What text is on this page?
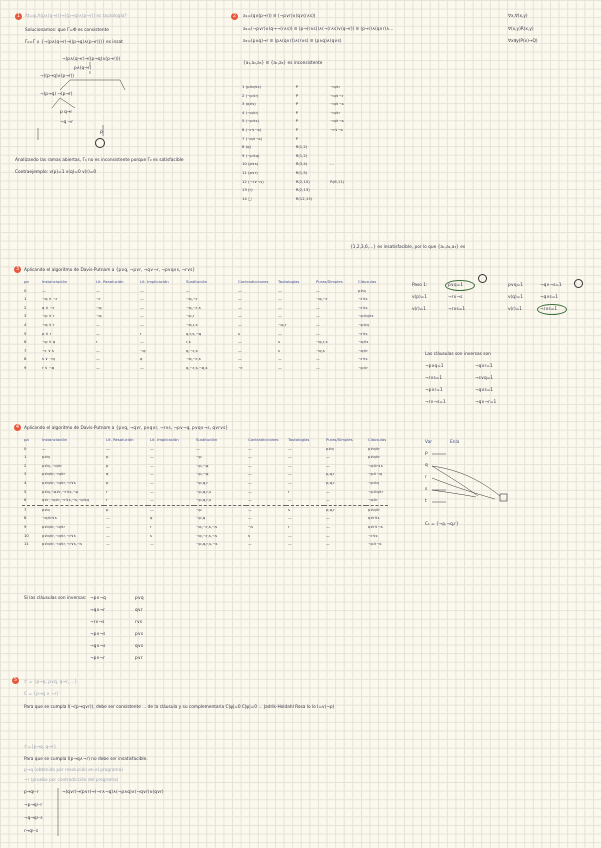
1	2
3
4
5
Λt=φ,Λ(p∧(q→r))→((p→q)∧(p→r)) es tautología?
Solucionamos: que Γ=Φ es consistente
Γ₀=Γ ∪ {¬(p∧(q→r)→((p→q)∧(p→r)))} es insat
¬(p∧(q→r)→((p→q)∧(p→r)))
p∧(q→r)
¬((p→q)∧(p→r))
¬(p→q) ¬(p→r)
p q→r
¬q ¬r
p
Analizando las ramas abiertas, Γ₀ no es inconsistente porque Γ₀ es satisfacible
Contraejemplo: v(p)=1 v(q)=0 v(r)=0
a₁=(q∧(p→r)) ≡ (¬p∨r)∧(q∨(r∧s))	∀x,∀(x,y)
a₂=(¬p∨r)∧(q→¬(r∧s)) ≡ (p→(r∧s))∧(¬(r∧s)∨(q→r)) ≡ (p→r)∧(q∨r)∧...	∀(x,y)R(x,y)
a₃=(p∧q)→r ≡ (p∧(q∨r))∧(r∧s) ≡ (p∧q)∧(q∨s)	∀x∃y(P(x)→Q)
{a₁,a₂,a₃} ≡ {a₁,a₃} es inconsistente
1 (p∨q∨s)	P	¬q∨r
2 (¬p∨r)	P	¬q∨¬r
3 (q∨s)	P	¬q∨¬s
4 (¬q∨r)	P	¬q∨r
5 (¬p∨s)	P	¬q∨¬s
6 (¬r∨¬s)	P	¬r∨¬s
7 (¬q∨¬s)	P	
8 (q)	R(1,2)	
9 (¬p∨q)	R(1,2)	
10 (p∨s)	R(3,4)	...
11 (p∨r)	R(1,5)	
12 (¬r∨¬s)	R(2,10)	R(6,11)
13 (r)	R(2,13)	
14 □	R(12,13)	
{1,2,3,6,...} es insatisfacible, por lo que {a₁,a₂,a₃} es
Aplicando el algoritmo de Davis-Putnam a {p∨q, ¬p∨r, ¬q∨¬r, ¬p∨q∨s, ¬r∨s}
pa	Instanciación	Lit. Resolución	Lit. Implicación	Sustitución	Contradicciones	Tautologías	Puras/Simples	Cláusulas
0	—	—	—	—	—	—	—	p∨q
1	¬q ∨ ¬r	¬r	—	¬q,¬r	—	—	¬q,¬r	¬r∨s
2	q ∨ ¬r	¬q	—	¬q,¬r,s	—	—	—	¬r∨s
3	¬p ∨ r	¬q	—	¬p,r	—	—	—	¬p∨q∨s
4	¬q ∨ r	—	—	¬q,r,s	—	¬q,r	—	¬p∨q
5	p ∨ r	—	r	q,r,s,¬q	s	—	—	¬r∨s
6	¬p ∨ q	r	—	r,s	—	s	¬q,r,s	¬q∨s
7	¬r ∨ s	—	¬q	q,¬r,s	—	s	¬q,s	¬q∨r
8	s ∨ ¬q	—	q	¬q,¬r,s	—	—	—	¬r∨s
9	r ∨ ¬q	—	—	q,¬r,s,¬q,s	¬r	—	—	¬p∨r
Paso 1:	p∨q=1	p∨q=1	¬q∨¬s=1
v(p)=1	¬r∨¬s	v(q)=1	¬q∨s=1
v(r)=1	¬r∨s=1	v(r)=1	¬r∨s=1
Las cláusulas son inversas son
¬p∨q=1	¬q∨r=1
¬r∨s=1	¬s∨q=1
¬p∨r=1	¬q∨s=1
¬r∨¬s=1	¬q∨¬r=1
Aplicando el algoritmo de Davis-Putnam a {p∨q, ¬q∨r, p∨q∨r, ¬r∨s, ¬p∨¬q, p∨q∨¬s, q∨r∨s}
pa	Instanciación	Lit. Resolución	Lit. Implicación	Sustitución	Contradicciones	Tautologías	Puras/Simples	Cláusulas
0	—	—	—	—	—	—	p∨q	p∨q∨r
1	p∨q	p	—	¬p	—	—	—	p∨q∨r
2	p∨q, ¬q∨r	p	—	¬p,¬q	—	—	—	¬q∨r∨s
3	p∨q∨r,¬q∨r	q	—	¬p,¬q	—	—	p,q,r	¬p∨¬q
4	p∨q∨r,¬q∨r,¬r∨s	p	—	¬p,q,r	—	—	p,q,r	¬p∨q
5	p∨q,¬q∨r,¬r∨s,¬p	r	—	¬p,q,r,s	—	r	—	¬p∨q∨r
6	q∨r,¬q∨r,¬r∨s,¬s,¬p∨q	r	—	¬p,q,r,s	—	—	—	¬q∨r
7	p∨q	p	—	¬p	—	s	p,q,r	p∨q∨r
8	¬q∨r∨s	—	q	¬p,q	—	—	—	q∨r∨s
9	p∨q∨r,¬q∨r	—	r	¬q,¬r,s,¬s	¬s	r	—	q∨r∨¬s
10	p∨q∨r,¬q∨r,¬r∨s	—	s	¬q,¬r,s,¬s	s	—	—	¬r∨s
11	p∨q∨r,¬q∨r,¬r∨s,¬s	—	—	¬p,q,r,s,¬s	—	—	—	¬p∨¬s
Var	Enla
p
q
r
s
t
C₁ = {¬p,¬q,r}
Si las cláusulas son inversas: ¬p∨¬q	p∨q
¬q∨¬r	q∨r
¬r∨¬s	r∨s
¬p∨¬s	p∨s
¬q∨¬s	q∨s
¬p∨¬r	p∨r
ℱ = {p→q, p∨q, q→r, ...}
C = {p→q ∧ ¬r}
Para que se cumpla I(¬(p→q∨r)), debe ser consistente ... de la cláusula y su complementaria C|ψ|=0 C|ψ|=0 ... Jadrik-Holdahl Rosa lo lo I=v(¬p)
ℱ={p→q, q→r}
Para que se cumpla I(p→q∧¬r) no debe ser insatisfacible.
p→q (obtenido por resolución en el programa)
¬r (prueba por contradicción del programa)
p→q⊢r	¬(q∨r)→(p∨r)→(¬r∧¬q)∧(¬p∧q)∧(¬q∨r)∧(q∨r)
¬p→q⊢r
¬q→q⊢s
r→q⊢s
